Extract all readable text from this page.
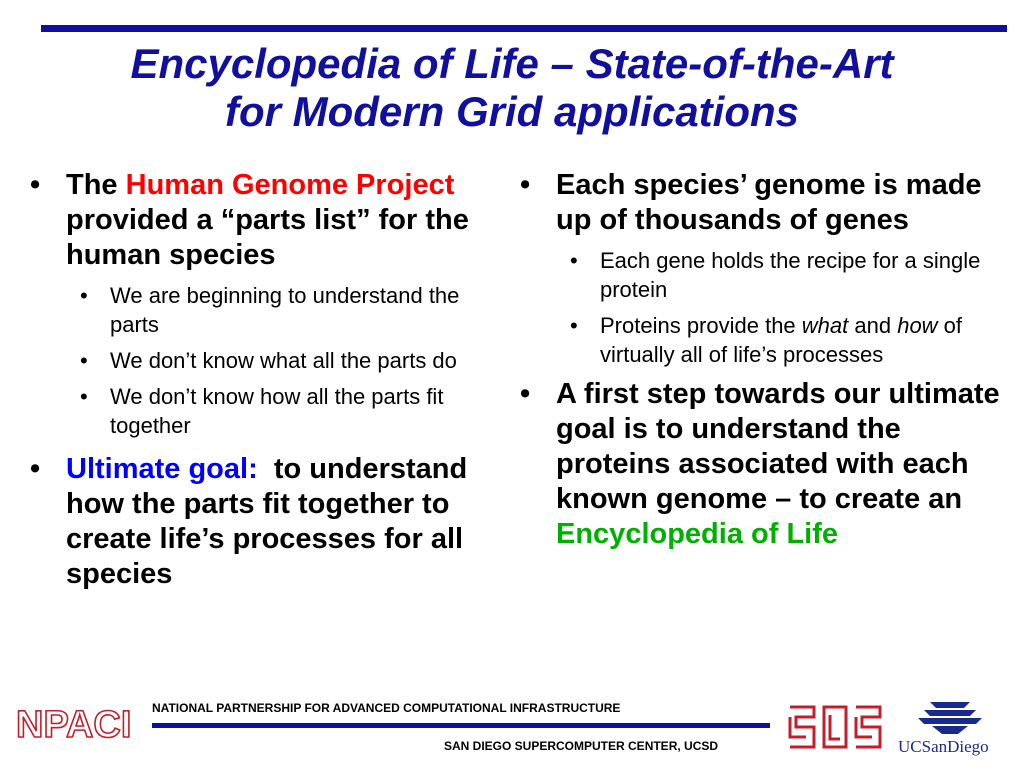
Encyclopedia of Life – State-of-the-Art
for Modern Grid applications
• The Human Genome Project provided a “parts list” for the human species
• We are beginning to understand the parts
• We don’t know what all the parts do
• We don’t know how all the parts fit together
• Ultimate goal:  to understand how the parts fit together to create life’s processes for all species
• Each species’ genome is made up of thousands of genes
• Each gene holds the recipe for a single protein
• Proteins provide the what and how of virtually all of life’s processes
• A first step towards our ultimate goal is to understand the proteins associated with each known genome – to create an Encyclopedia of Life
NPACI NATIONAL PARTNERSHIP FOR ADVANCED COMPUTATIONAL INFRASTRUCTURE
SAN DIEGO SUPERCOMPUTER CENTER, UCSD	UCSanDiego
